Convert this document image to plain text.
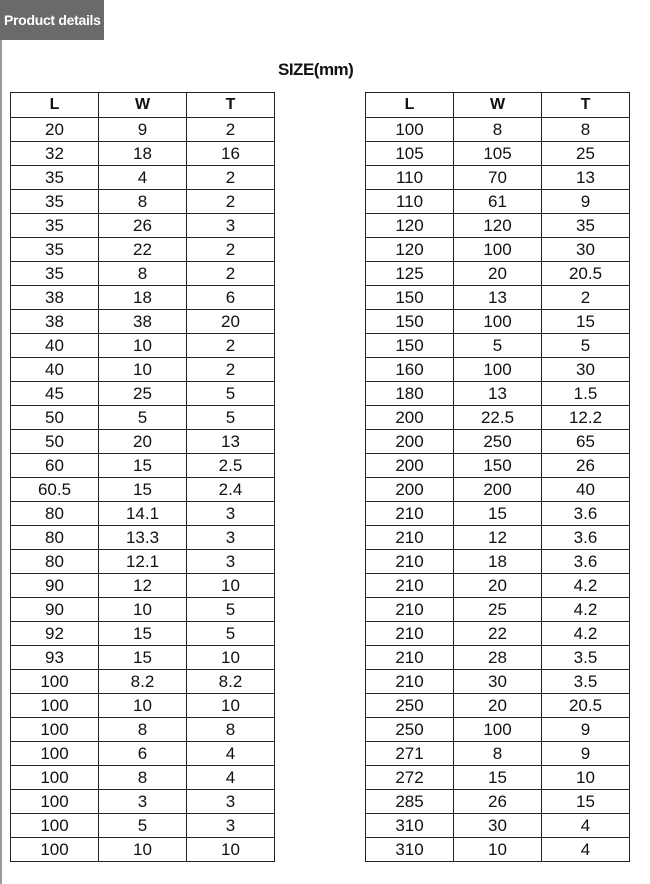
Product details
SIZE(mm)
L	W	T
20	9	2
32	18	16
35	4	2
35	8	2
35	26	3
35	22	2
35	8	2
38	18	6
38	38	20
40	10	2
40	10	2
45	25	5
50	5	5
50	20	13
60	15	2.5
60.5	15	2.4
80	14.1	3
80	13.3	3
80	12.1	3
90	12	10
90	10	5
92	15	5
93	15	10
100	8.2	8.2
100	10	10
100	8	8
100	6	4
100	8	4
100	3	3
100	5	3
100	10	10
L	W	T
100	8	8
105	105	25
110	70	13
110	61	9
120	120	35
120	100	30
125	20	20.5
150	13	2
150	100	15
150	5	5
160	100	30
180	13	1.5
200	22.5	12.2
200	250	65
200	150	26
200	200	40
210	15	3.6
210	12	3.6
210	18	3.6
210	20	4.2
210	25	4.2
210	22	4.2
210	28	3.5
210	30	3.5
250	20	20.5
250	100	9
271	8	9
272	15	10
285	26	15
310	30	4
310	10	4
